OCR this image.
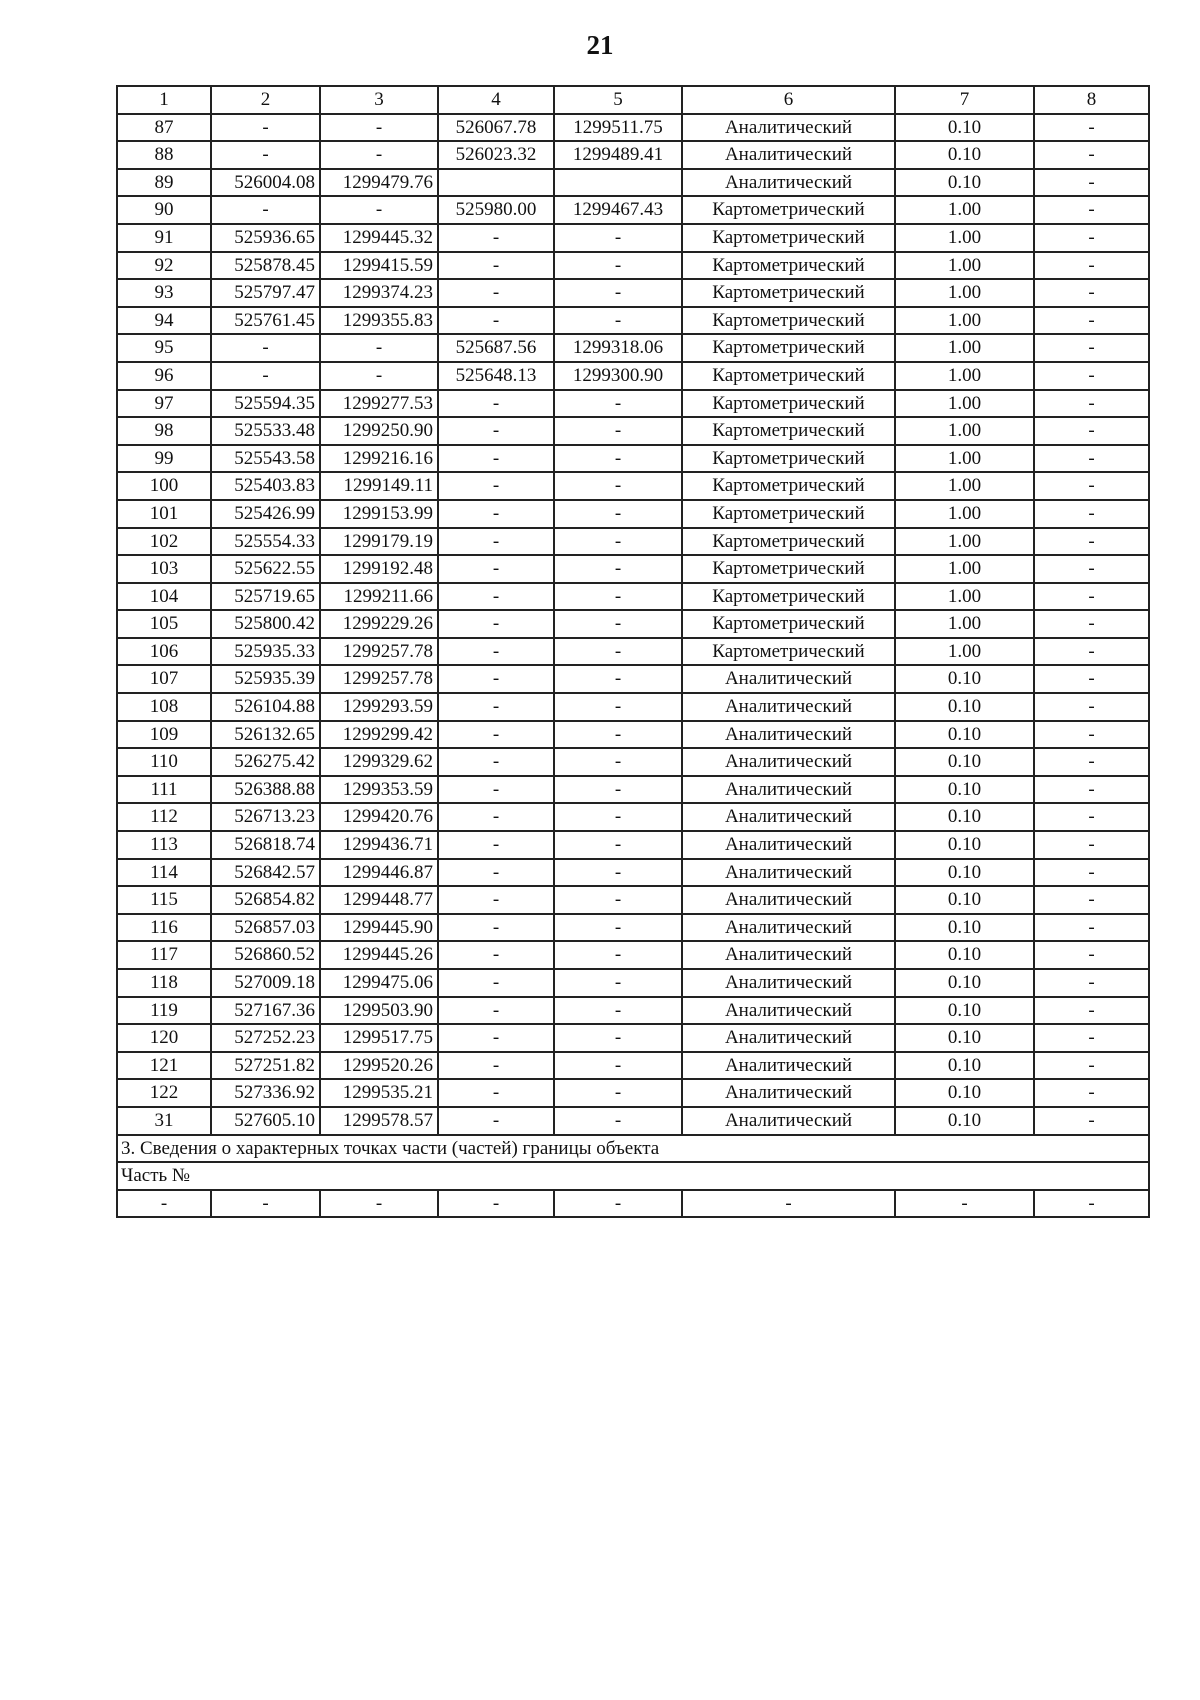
21
1	2	3	4	5	6	7	8
87	-	-	526067.78	1299511.75	Аналитический	0.10	-
88	-	-	526023.32	1299489.41	Аналитический	0.10	-
89	526004.08	1299479.76			Аналитический	0.10	-
90	-	-	525980.00	1299467.43	Картометрический	1.00	-
91	525936.65	1299445.32	-	-	Картометрический	1.00	-
92	525878.45	1299415.59	-	-	Картометрический	1.00	-
93	525797.47	1299374.23	-	-	Картометрический	1.00	-
94	525761.45	1299355.83	-	-	Картометрический	1.00	-
95	-	-	525687.56	1299318.06	Картометрический	1.00	-
96	-	-	525648.13	1299300.90	Картометрический	1.00	-
97	525594.35	1299277.53	-	-	Картометрический	1.00	-
98	525533.48	1299250.90	-	-	Картометрический	1.00	-
99	525543.58	1299216.16	-	-	Картометрический	1.00	-
100	525403.83	1299149.11	-	-	Картометрический	1.00	-
101	525426.99	1299153.99	-	-	Картометрический	1.00	-
102	525554.33	1299179.19	-	-	Картометрический	1.00	-
103	525622.55	1299192.48	-	-	Картометрический	1.00	-
104	525719.65	1299211.66	-	-	Картометрический	1.00	-
105	525800.42	1299229.26	-	-	Картометрический	1.00	-
106	525935.33	1299257.78	-	-	Картометрический	1.00	-
107	525935.39	1299257.78	-	-	Аналитический	0.10	-
108	526104.88	1299293.59	-	-	Аналитический	0.10	-
109	526132.65	1299299.42	-	-	Аналитический	0.10	-
110	526275.42	1299329.62	-	-	Аналитический	0.10	-
111	526388.88	1299353.59	-	-	Аналитический	0.10	-
112	526713.23	1299420.76	-	-	Аналитический	0.10	-
113	526818.74	1299436.71	-	-	Аналитический	0.10	-
114	526842.57	1299446.87	-	-	Аналитический	0.10	-
115	526854.82	1299448.77	-	-	Аналитический	0.10	-
116	526857.03	1299445.90	-	-	Аналитический	0.10	-
117	526860.52	1299445.26	-	-	Аналитический	0.10	-
118	527009.18	1299475.06	-	-	Аналитический	0.10	-
119	527167.36	1299503.90	-	-	Аналитический	0.10	-
120	527252.23	1299517.75	-	-	Аналитический	0.10	-
121	527251.82	1299520.26	-	-	Аналитический	0.10	-
122	527336.92	1299535.21	-	-	Аналитический	0.10	-
31	527605.10	1299578.57	-	-	Аналитический	0.10	-
3. Сведения о характерных точках части (частей) границы объекта							
Часть №							
-	-	-	-	-	-	-	-
